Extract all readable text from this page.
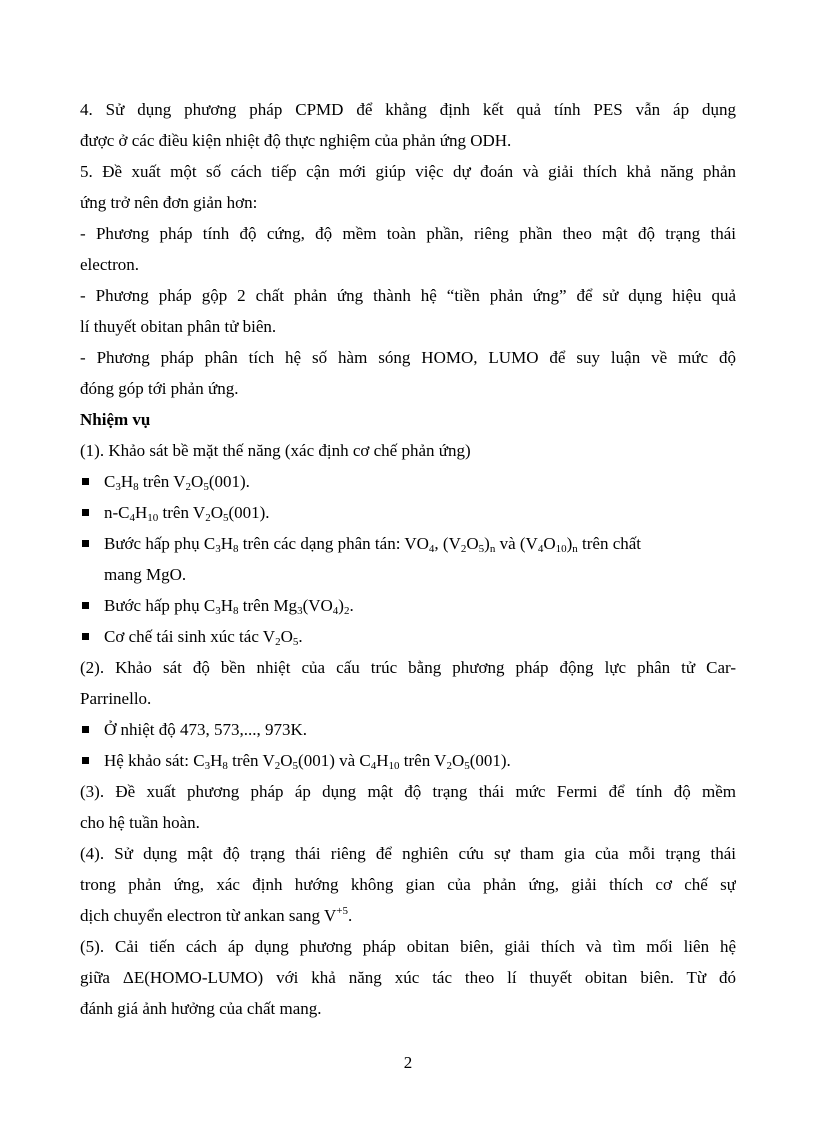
4. Sử dụng phương pháp CPMD để khẳng định kết quả tính PES vẫn áp dụng
được ở các điều kiện nhiệt độ thực nghiệm của phản ứng ODH.
5. Đề xuất một số cách tiếp cận mới giúp việc dự đoán và giải thích khả năng phản
ứng trở nên đơn giản hơn:
- Phương pháp tính độ cứng, độ mềm toàn phần, riêng phần theo mật độ trạng thái
electron.
- Phương pháp gộp 2 chất phản ứng thành hệ “tiền phản ứng” để sử dụng hiệu quả
lí thuyết obitan phân tử biên.
- Phương pháp phân tích hệ số hàm sóng HOMO, LUMO để suy luận về mức độ
đóng góp tới phản ứng.
Nhiệm vụ
(1). Khảo sát bề mặt thế năng (xác định cơ chế phản ứng)
$C_3H_8$ trên $V_2O_5(001)$.
$n-C_4H_{10}$ trên $V_2O_5(001)$.
Bước hấp phụ $C_3H_8$ trên các dạng phân tán: $VO_4$, $(V_2O_5)_n$ và $(V_4O_{10})_n$ trên chất
mang MgO.
Bước hấp phụ $C_3H_8$ trên $Mg_3(VO_4)_2$.
Cơ chế tái sinh xúc tác $V_2O_5$.
(2). Khảo sát độ bền nhiệt của cấu trúc bằng phương pháp động lực phân tử Car-
Parrinello.
Ở nhiệt độ 473, 573,..., 973K.
Hệ khảo sát: $C_3H_8$ trên $V_2O_5(001)$ và $C_4H_{10}$ trên $V_2O_5(001)$.
(3). Đề xuất phương pháp áp dụng mật độ trạng thái mức Fermi để tính độ mềm
cho hệ tuần hoàn.
(4). Sử dụng mật độ trạng thái riêng để nghiên cứu sự tham gia của mỗi trạng thái
trong phản ứng, xác định hướng không gian của phản ứng, giải thích cơ chế sự
dịch chuyển electron từ ankan sang $V^{+5}$.
(5). Cải tiến cách áp dụng phương pháp obitan biên, giải thích và tìm mối liên hệ
giữa ΔE(HOMO-LUMO) với khả năng xúc tác theo lí thuyết obitan biên. Từ đó
đánh giá ảnh hưởng của chất mang.
2
